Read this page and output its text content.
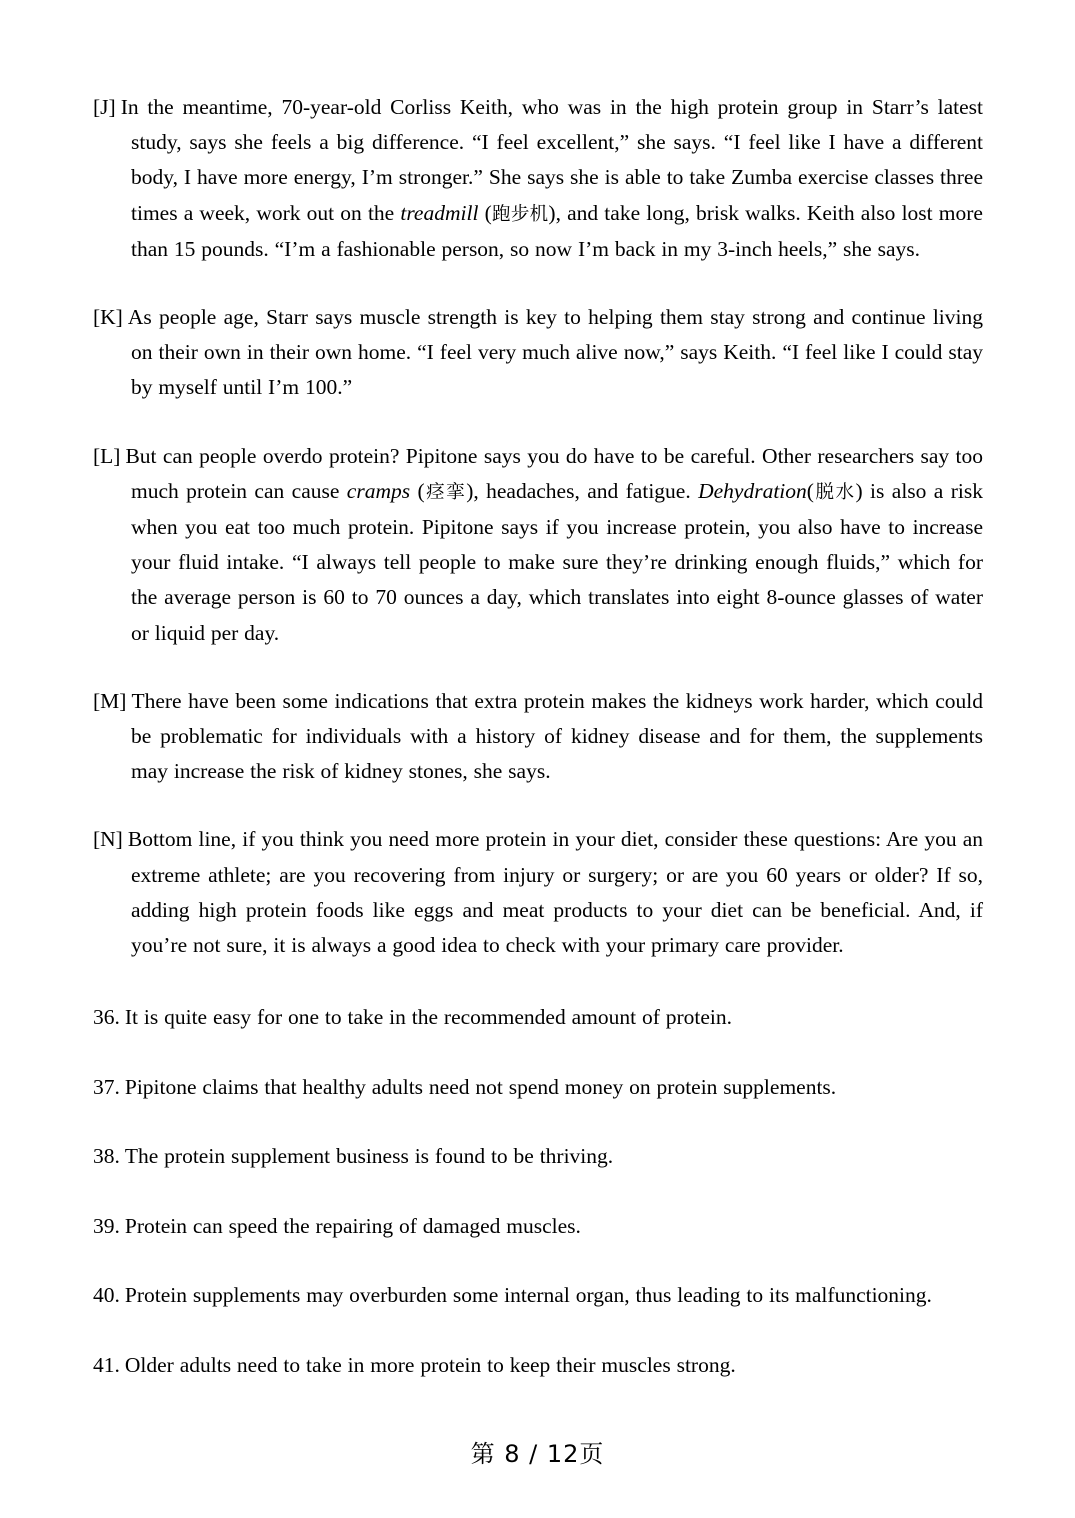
[J] In the meantime, 70-year-old Corliss Keith, who was in the high protein group in Starr’s latest study, says she feels a big difference. “I feel excellent,” she says. “I feel like I have a different body, I have more energy, I’m stronger.” She says she is able to take Zumba exercise classes three times a week, work out on the treadmill (跑步机), and take long, brisk walks. Keith also lost more than 15 pounds. “I’m a fashionable person, so now I’m back in my 3-inch heels,” she says.
[K] As people age, Starr says muscle strength is key to helping them stay strong and continue living on their own in their own home. “I feel very much alive now,” says Keith. “I feel like I could stay by myself until I’m 100.”
[L] But can people overdo protein? Pipitone says you do have to be careful. Other researchers say too much protein can cause cramps (痉挛), headaches, and fatigue. Dehydration(脱水) is also a risk when you eat too much protein. Pipitone says if you increase protein, you also have to increase your fluid intake. “I always tell people to make sure they’re drinking enough fluids,” which for the average person is 60 to 70 ounces a day, which translates into eight 8-ounce glasses of water or liquid per day.
[M] There have been some indications that extra protein makes the kidneys work harder, which could be problematic for individuals with a history of kidney disease and for them, the supplements may increase the risk of kidney stones, she says.
[N] Bottom line, if you think you need more protein in your diet, consider these questions: Are you an extreme athlete; are you recovering from injury or surgery; or are you 60 years or older? If so, adding high protein foods like eggs and meat products to your diet can be beneficial. And, if you’re not sure, it is always a good idea to check with your primary care provider.
36. It is quite easy for one to take in the recommended amount of protein.
37. Pipitone claims that healthy adults need not spend money on protein supplements.
38. The protein supplement business is found to be thriving.
39. Protein can speed the repairing of damaged muscles.
40. Protein supplements may overburden some internal organ, thus leading to its malfunctioning.
41. Older adults need to take in more protein to keep their muscles strong.
第 8 / 12页
